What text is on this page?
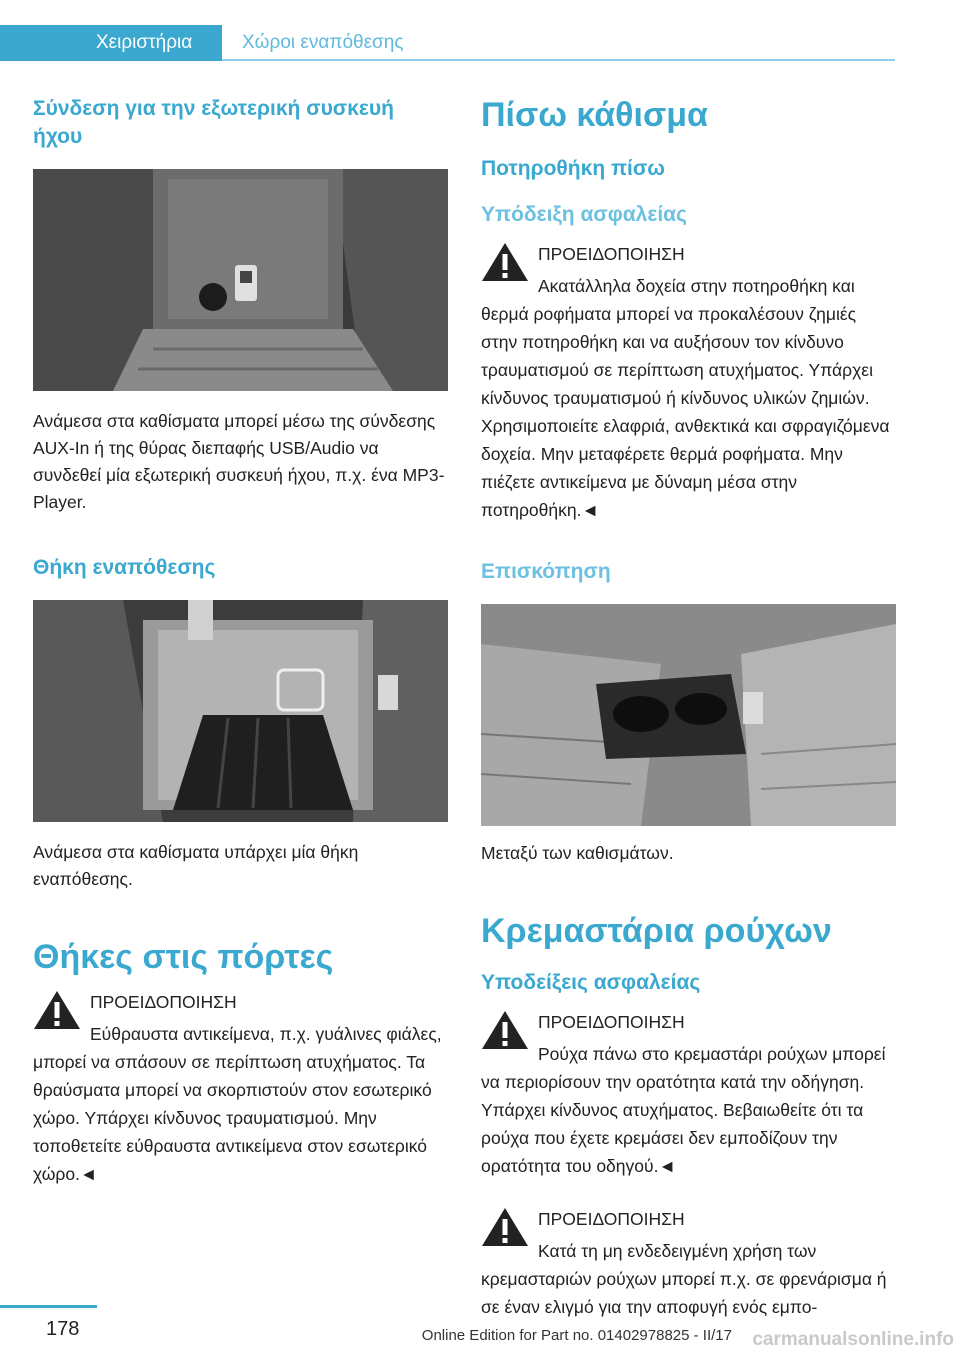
Χειριστήρια	Χώροι εναπόθεσης
Σύνδεση για την εξωτερική συσκευή ήχου

Ανάμεσα στα καθίσματα μπορεί μέσω της σύνδεσης AUX-In ή της θύρας διεπαφής USB/Audio να συνδεθεί μία εξωτερική συσκευή ήχου, π.χ. ένα MP3-Player.

Θήκη εναπόθεσης

Ανάμεσα στα καθίσματα υπάρχει μία θήκη εναπόθεσης.

Θήκες στις πόρτες

ΠΡΟΕΙΔΟΠΟΙΗΣΗ

Εύθραυστα αντικείμενα, π.χ. γυάλινες φιάλες, μπορεί να σπάσουν σε περίπτωση ατυχήματος. Τα θραύσματα μπορεί να σκορπιστούν στον εσωτερικό χώρο. Υπάρχει κίνδυνος τραυματισμού. Μην τοποθετείτε εύθραυστα αντικείμενα στον εσωτερικό χώρο.◄

Πίσω κάθισμα
Ποτηροθήκη πίσω
Υπόδειξη ασφαλείας

ΠΡΟΕΙΔΟΠΟΙΗΣΗ

Ακατάλληλα δοχεία στην ποτηροθήκη και θερμά ροφήματα μπορεί να προκαλέσουν ζημιές στην ποτηροθήκη και να αυξήσουν τον κίνδυνο τραυματισμού σε περίπτωση ατυχήματος. Υπάρχει κίνδυνος τραυματισμού ή κίνδυνος υλικών ζημιών. Χρησιμοποιείτε ελαφριά, ανθεκτικά και σφραγιζόμενα δοχεία. Μην μεταφέρετε θερμά ροφήματα. Μην πιέζετε αντικείμενα με δύναμη μέσα στην ποτηροθήκη.◄

Επισκόπηση

Μεταξύ των καθισμάτων.

Κρεμαστάρια ρούχων
Υποδείξεις ασφαλείας

ΠΡΟΕΙΔΟΠΟΙΗΣΗ

Ρούχα πάνω στο κρεμαστάρι ρούχων μπορεί να περιορίσουν την ορατότητα κατά την οδήγηση. Υπάρχει κίνδυνος ατυχήματος. Βεβαιωθείτε ότι τα ρούχα που έχετε κρεμάσει δεν εμποδίζουν την ορατότητα του οδηγού.◄

ΠΡΟΕΙΔΟΠΟΙΗΣΗ

Κατά τη μη ενδεδειγμένη χρήση των κρεμασταριών ρούχων μπορεί π.χ. σε φρενάρισμα ή σε έναν ελιγμό για την αποφυγή ενός εμπο-

178	Online Edition for Part no. 01402978825 - II/17 carmanualsonline.info
